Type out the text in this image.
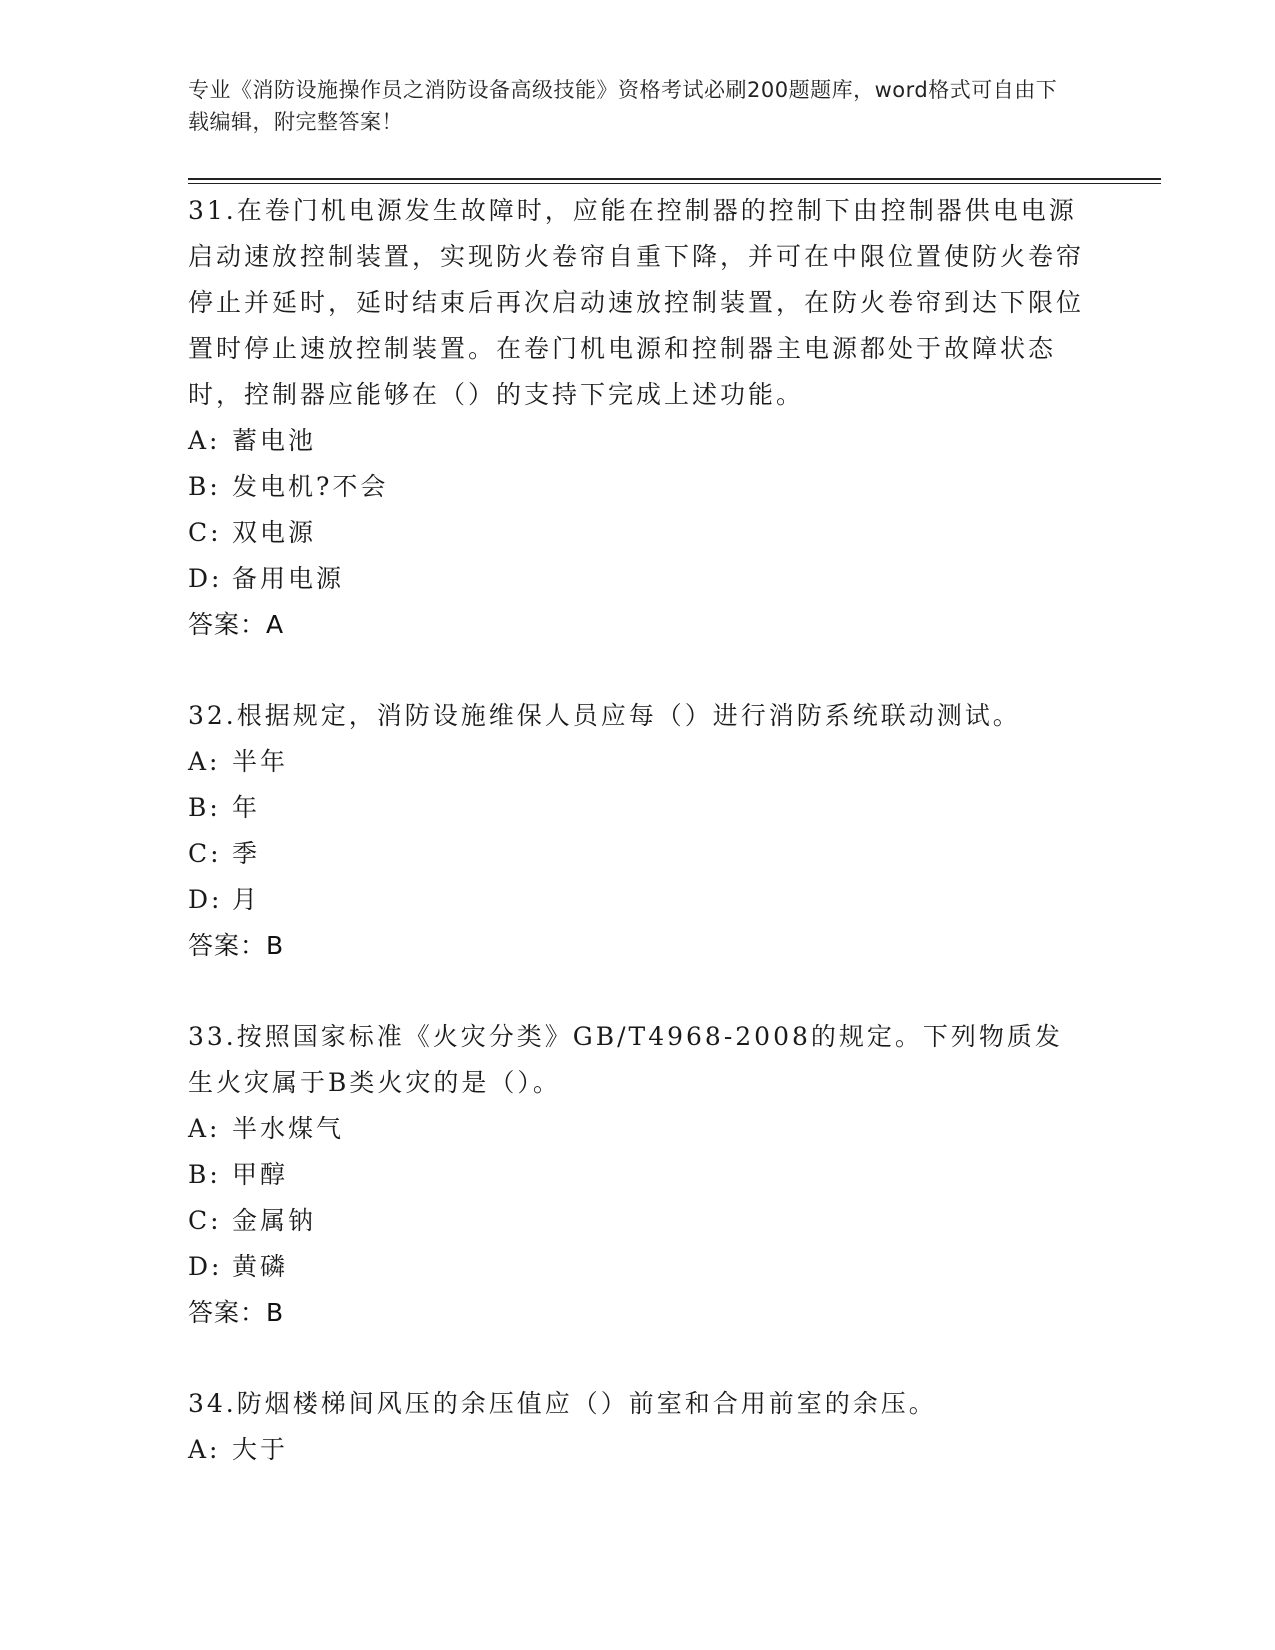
专业《消防设施操作员之消防设备高级技能》资格考试必刷200题题库，word格式可自由下载编辑，附完整答案！
31.在卷门机电源发生故障时，应能在控制器的控制下由控制器供电电源启动速放控制装置，实现防火卷帘自重下降，并可在中限位置使防火卷帘停止并延时，延时结束后再次启动速放控制装置，在防火卷帘到达下限位置时停止速放控制装置。在卷门机电源和控制器主电源都处于故障状态时，控制器应能够在（）的支持下完成上述功能。
A: 蓄电池
B: 发电机?不会
C: 双电源
D: 备用电源
答案：A
32.根据规定，消防设施维保人员应每（）进行消防系统联动测试。
A: 半年
B: 年
C: 季
D: 月
答案：B
33.按照国家标准《火灾分类》GB/T4968-2008的规定。下列物质发生火灾属于B类火灾的是（）。
A: 半水煤气
B: 甲醇
C: 金属钠
D: 黄磷
答案：B
34.防烟楼梯间风压的余压值应（）前室和合用前室的余压。
A: 大于
